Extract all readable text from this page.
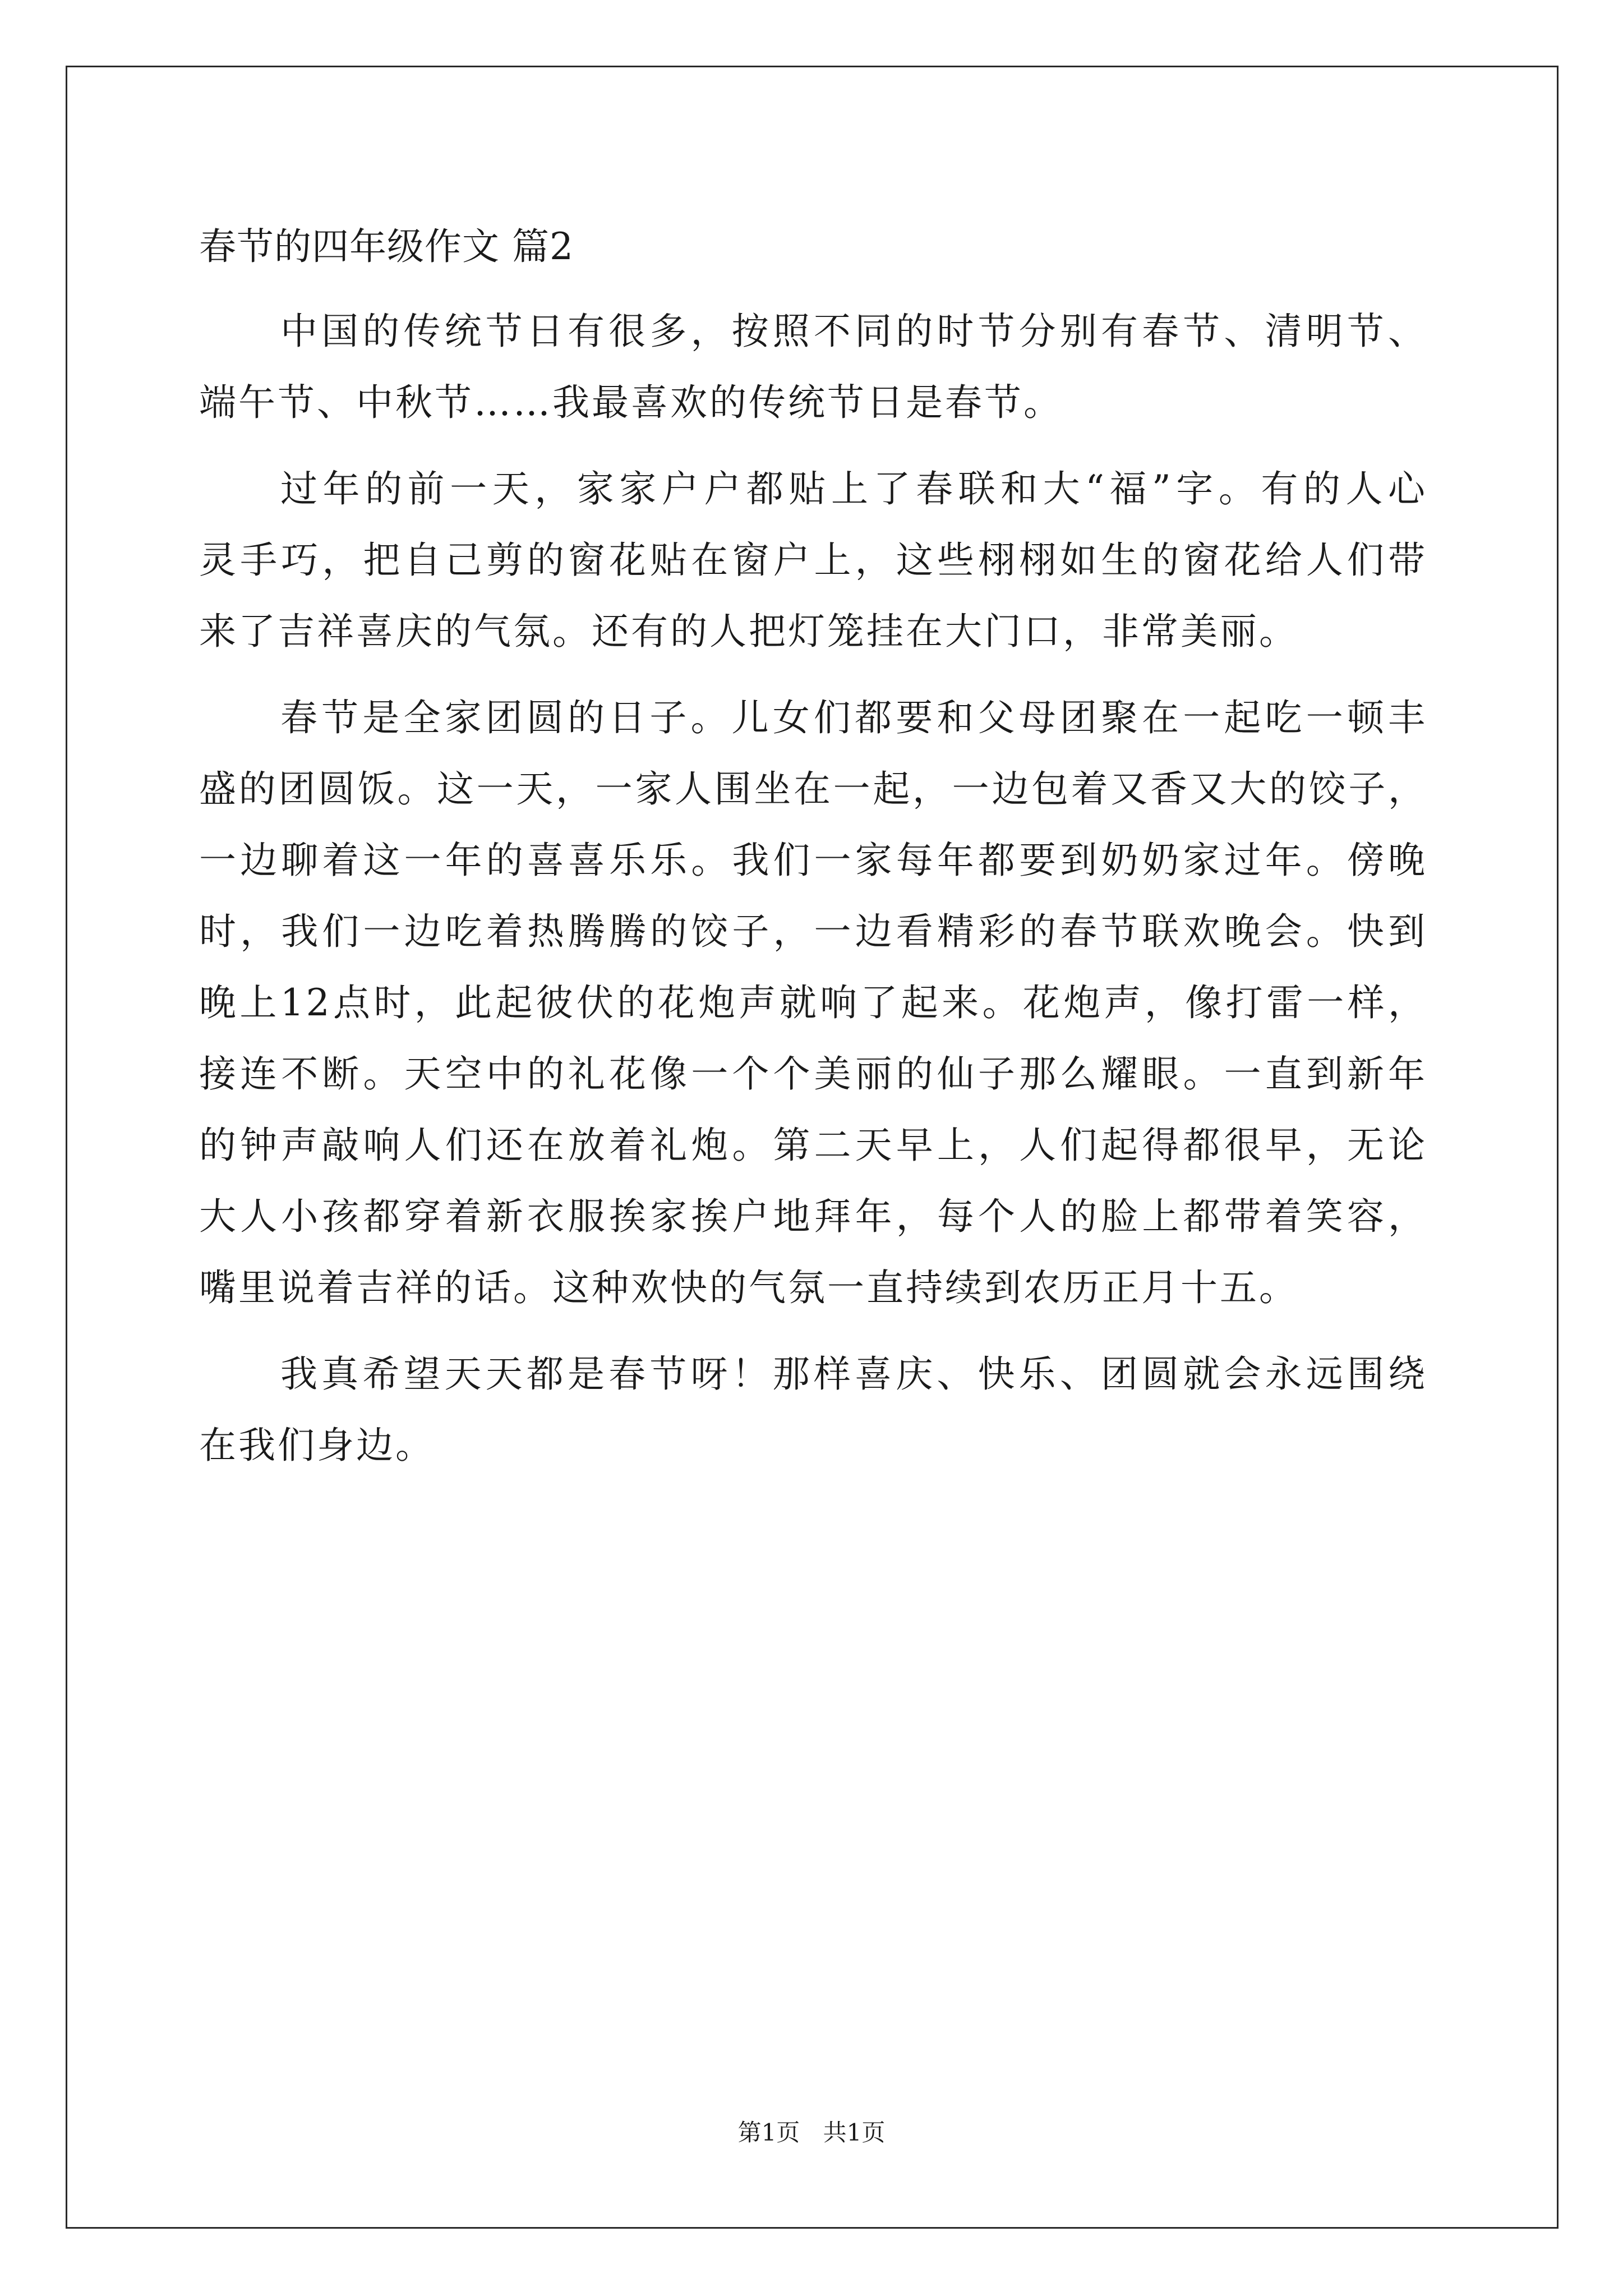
春节的四年级作文 篇2
中国的传统节日有很多，按照不同的时节分别有春节、清明节、
端午节、中秋节……我最喜欢的传统节日是春节。
过年的前一天，家家户户都贴上了春联和大“福”字。有的人心
灵手巧，把自己剪的窗花贴在窗户上，这些栩栩如生的窗花给人们带
来了吉祥喜庆的气氛。还有的人把灯笼挂在大门口，非常美丽。
春节是全家团圆的日子。儿女们都要和父母团聚在一起吃一顿丰
盛的团圆饭。这一天，一家人围坐在一起，一边包着又香又大的饺子，
一边聊着这一年的喜喜乐乐。我们一家每年都要到奶奶家过年。傍晚
时，我们一边吃着热腾腾的饺子，一边看精彩的春节联欢晚会。快到
晚上12点时，此起彼伏的花炮声就响了起来。花炮声，像打雷一样，
接连不断。天空中的礼花像一个个美丽的仙子那么耀眼。一直到新年
的钟声敲响人们还在放着礼炮。第二天早上，人们起得都很早，无论
大人小孩都穿着新衣服挨家挨户地拜年，每个人的脸上都带着笑容，
嘴里说着吉祥的话。这种欢快的气氛一直持续到农历正月十五。
我真希望天天都是春节呀！那样喜庆、快乐、团圆就会永远围绕
在我们身边。
第1页 共1页
